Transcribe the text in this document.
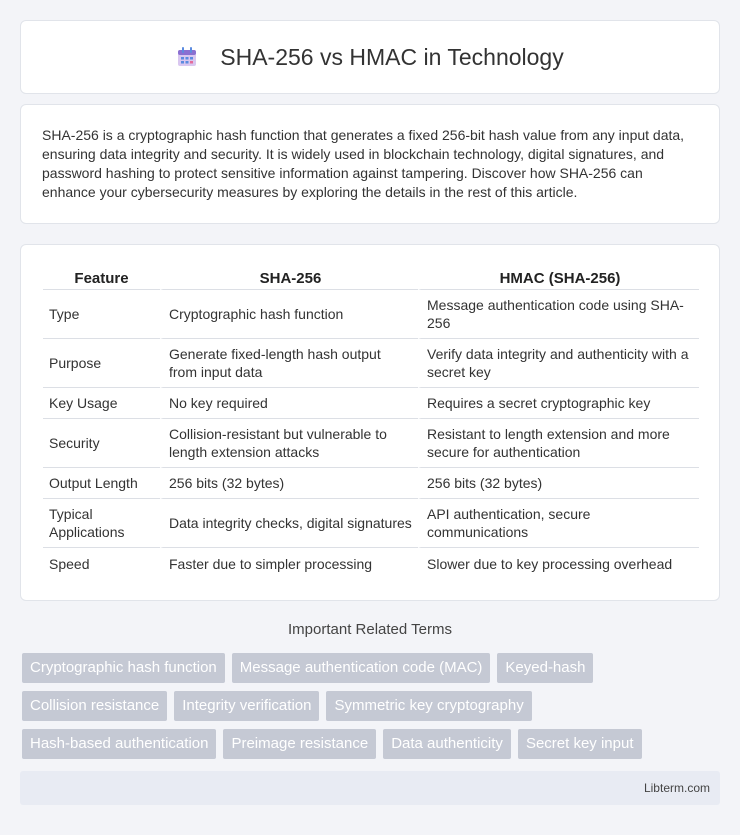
SHA-256 vs HMAC in Technology

SHA-256 is a cryptographic hash function that generates a fixed 256-bit hash value from any input data, ensuring data integrity and security. It is widely used in blockchain technology, digital signatures, and password hashing to protect sensitive information against tampering. Discover how SHA-256 can enhance your cybersecurity measures by exploring the details in the rest of this article.

Feature	SHA-256	HMAC (SHA-256)
Type	Cryptographic hash function	Message authentication code using SHA-256
Purpose	Generate fixed-length hash output from input data	Verify data integrity and authenticity with a secret key
Key Usage	No key required	Requires a secret cryptographic key
Security	Collision-resistant but vulnerable to length extension attacks	Resistant to length extension and more secure for authentication
Output Length	256 bits (32 bytes)	256 bits (32 bytes)
Typical Applications	Data integrity checks, digital signatures	API authentication, secure communications
Speed	Faster due to simpler processing	Slower due to key processing overhead
Important Related Terms
Cryptographic hash function	Message authentication code (MAC)	Keyed-hash
Collision resistance	Integrity verification	Symmetric key cryptography
Hash-based authentication	Preimage resistance	Data authenticity	Secret key input
Libterm.com
